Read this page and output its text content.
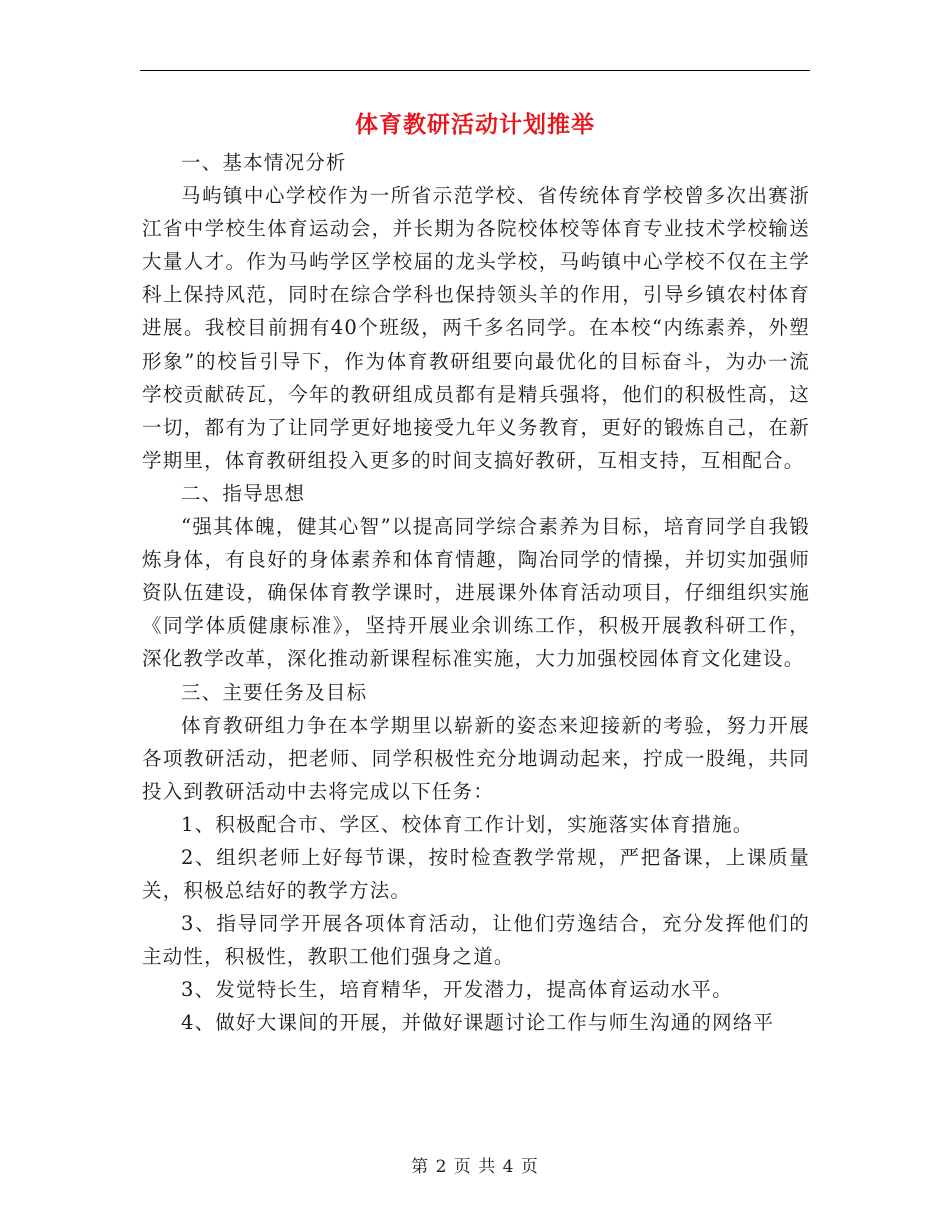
体育教研活动计划推举

一、基本情况分析

马屿镇中心学校作为一所省示范学校、省传统体育学校曾多次出赛浙江省中学校生体育运动会，并长期为各院校体校等体育专业技术学校输送大量人才。作为马屿学区学校届的龙头学校，马屿镇中心学校不仅在主学科上保持风范，同时在综合学科也保持领头羊的作用，引导乡镇农村体育进展。我校目前拥有40个班级，两千多名同学。在本校“内练素养，外塑形象”的校旨引导下，作为体育教研组要向最优化的目标奋斗，为办一流学校贡献砖瓦，今年的教研组成员都有是精兵强将，他们的积极性高，这一切，都有为了让同学更好地接受九年义务教育，更好的锻炼自己，在新学期里，体育教研组投入更多的时间支搞好教研，互相支持，互相配合。

二、指导思想

“强其体魄，健其心智”以提高同学综合素养为目标，培育同学自我锻炼身体，有良好的身体素养和体育情趣，陶冶同学的情操，并切实加强师资队伍建设，确保体育教学课时，进展课外体育活动项目，仔细组织实施《同学体质健康标准》，坚持开展业余训练工作，积极开展教科研工作，深化教学改革，深化推动新课程标准实施，大力加强校园体育文化建设。

三、主要任务及目标

体育教研组力争在本学期里以崭新的姿态来迎接新的考验，努力开展各项教研活动，把老师、同学积极性充分地调动起来，拧成一股绳，共同投入到教研活动中去将完成以下任务：

1、积极配合市、学区、校体育工作计划，实施落实体育措施。

2、组织老师上好每节课，按时检查教学常规，严把备课，上课质量关，积极总结好的教学方法。

3、指导同学开展各项体育活动，让他们劳逸结合，充分发挥他们的主动性，积极性，教职工他们强身之道。

3、发觉特长生，培育精华，开发潜力，提高体育运动水平。

4、做好大课间的开展，并做好课题讨论工作与师生沟通的网络平

第 2 页 共 4 页
